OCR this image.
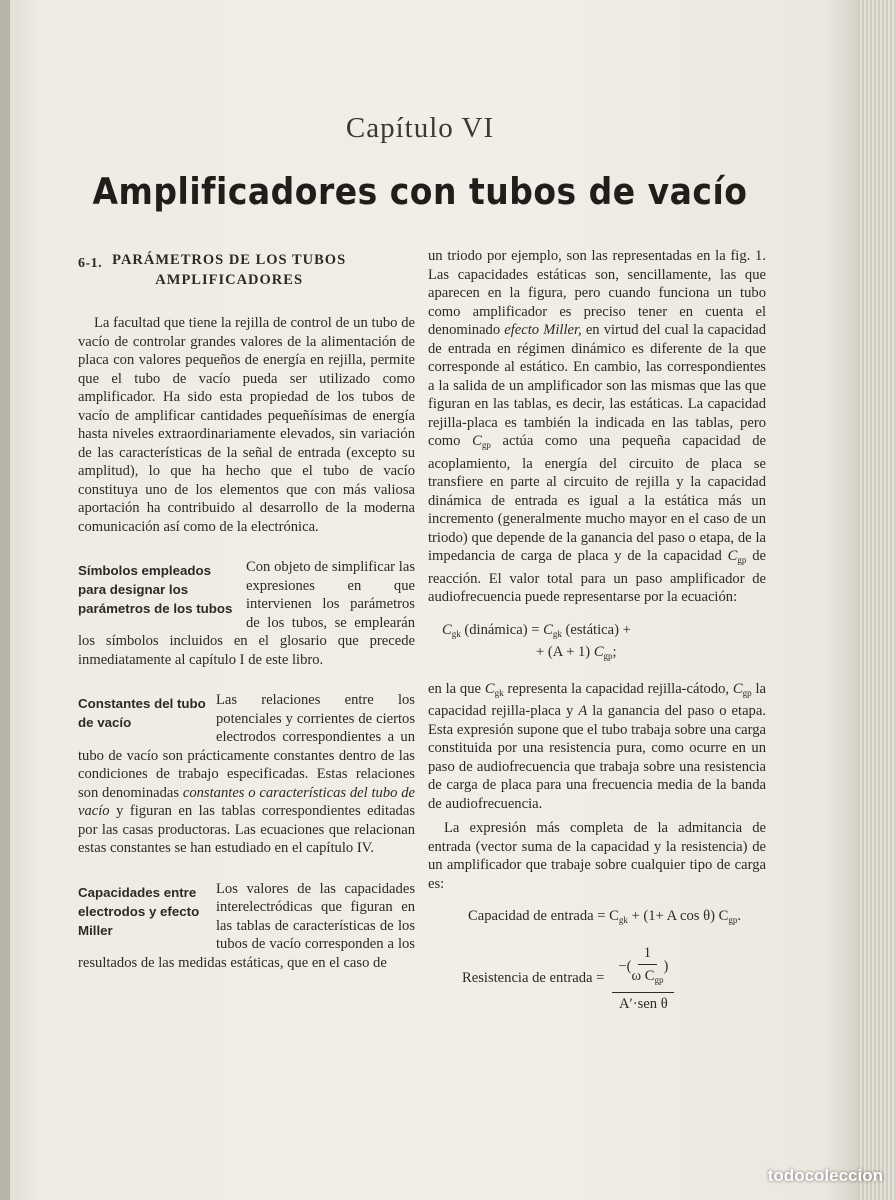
Capítulo VI
Amplificadores con tubos de vacío
6-1. PARÁMETROS DE LOS TUBOS
AMPLIFICADORES

La facultad que tiene la rejilla de control de un tubo de vacío de controlar grandes valores de la alimentación de placa con valores pequeños de energía en rejilla, permite que el tubo de vacío pueda ser utilizado como amplificador. Ha sido esta propiedad de los tubos de vacío de amplificar cantidades pequeñísimas de energía hasta niveles extraordinariamente elevados, sin variación de las características de la señal de entrada (excepto su amplitud), lo que ha hecho que el tubo de vacío constituya uno de los elementos que con más valiosa aportación ha contribuido al desarrollo de la moderna comunicación así como de la electrónica.

Símbolos empleados para designar los parámetros de los tubos

Con objeto de simplificar las expresiones en que intervienen los parámetros de los tubos, se emplearán los símbolos incluidos en el glosario que precede inmediatamente al capítulo I de este libro.

Constantes del tubo de vacío

Las relaciones entre los potenciales y corrientes de ciertos electrodos correspondientes a un tubo de vacío son prácticamente constantes dentro de las condiciones de trabajo especificadas. Estas relaciones son denominadas constantes o características del tubo de vacío y figuran en las tablas correspondientes editadas por las casas productoras. Las ecuaciones que relacionan estas constantes se han estudiado en el capítulo IV.

Capacidades entre electrodos y efecto Miller

Los valores de las capacidades interelectródicas que figuran en las tablas de características de los tubos de vacío corresponden a los resultados de las medidas estáticas, que en el caso de

un triodo por ejemplo, son las representadas en la fig. 1. Las capacidades estáticas son, sencillamente, las que aparecen en la figura, pero cuando funciona un tubo como amplificador es preciso tener en cuenta el denominado efecto Miller, en virtud del cual la capacidad de entrada en régimen dinámico es diferente de la que corresponde al estático. En cambio, las correspondientes a la salida de un amplificador son las mismas que las que figuran en las tablas, es decir, las estáticas. La capacidad rejilla-placa es también la indicada en las tablas, pero como $C_{gp}$ actúa como una pequeña capacidad de acoplamiento, la energía del circuito de placa se transfiere en parte al circuito de rejilla y la capacidad dinámica de entrada es igual a la estática más un incremento (generalmente mucho mayor en el caso de un triodo) que depende de la ganancia del paso o etapa, de la impedancia de carga de placa y de la capacidad $C_{gp}$ de reacción. El valor total para un paso amplificador de audiofrecuencia puede representarse por la ecuación:

$C_{gk}$ (dinámica) = $C_{gk}$ (estática) +
+ (A + 1) $C_{gp}$;

en la que $C_{gk}$ representa la capacidad rejilla-cátodo, $C_{gp}$ la capacidad rejilla-placa y A la ganancia del paso o etapa. Esta expresión supone que el tubo trabaja sobre una carga constituida por una resistencia pura, como ocurre en un paso de audiofrecuencia que trabaja sobre una resistencia de carga de placa para una frecuencia media de la banda de audiofrecuencia.

La expresión más completa de la admitancia de entrada (vector suma de la capacidad y la resistencia) de un amplificador que trabaje sobre cualquier tipo de carga es:

Capacidad de entrada = $C_{gk} + (1+ A$ cos θ) $C_{gp}$.
Resistencia de entrada = $\frac{-( \frac{1}{\omega C_{gp}} )}{\text{A′·sen θ}}$
todocoleccion
